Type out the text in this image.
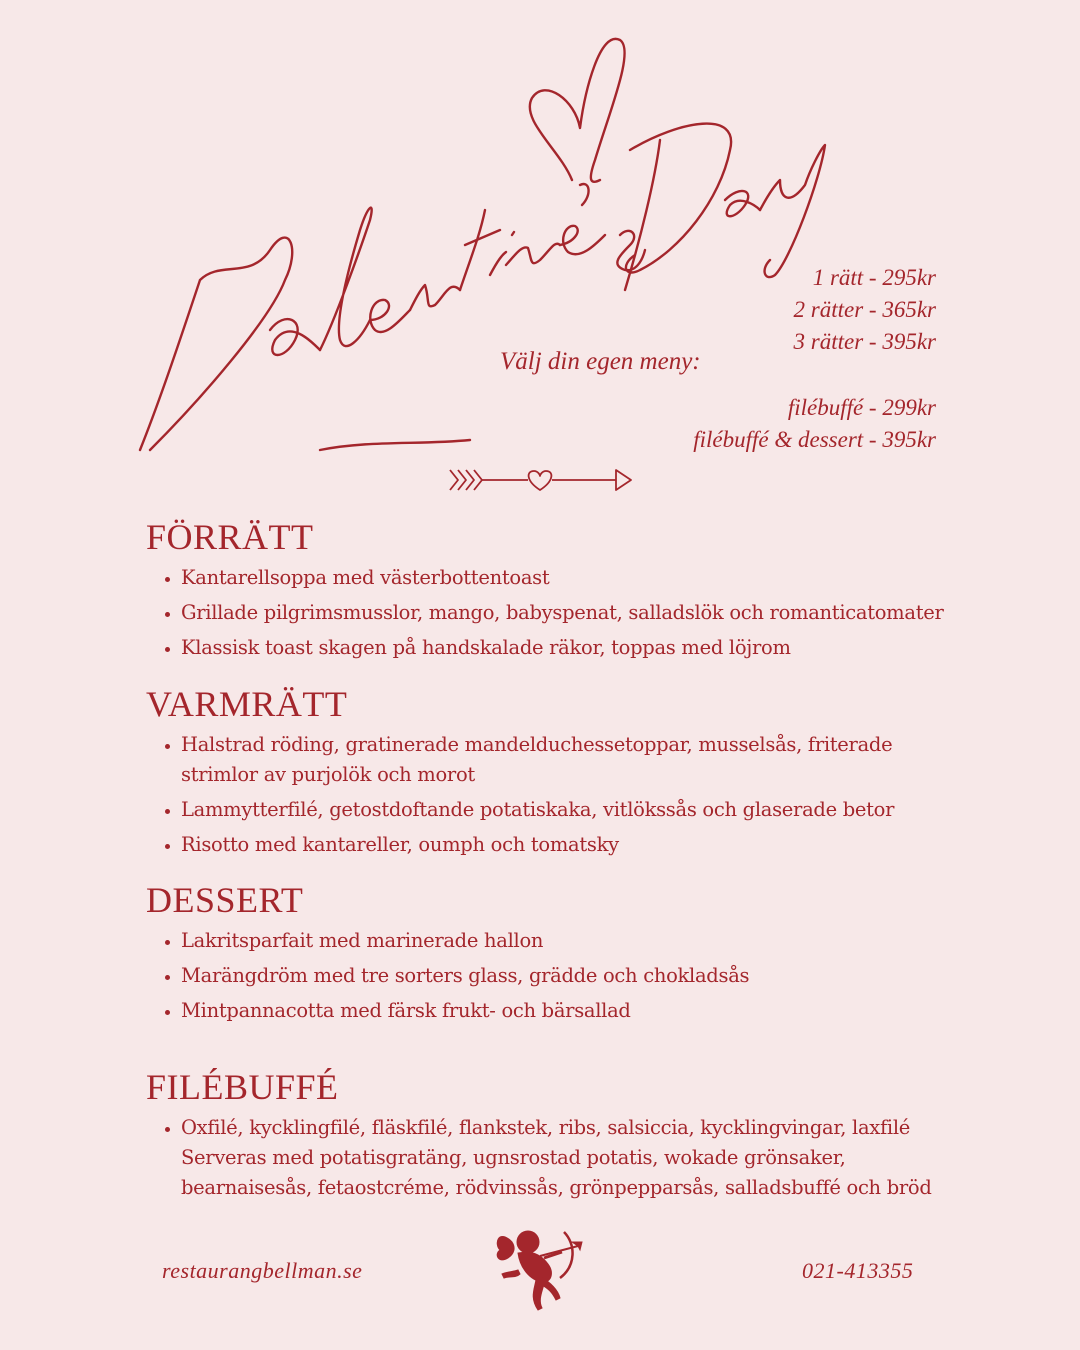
1 rätt - 295kr
2 rätter - 365kr
3 rätter - 395kr
Välj din egen meny:
filébuffé - 299kr
filébuffé & dessert - 395kr
FÖRRÄTT
• Kantarellsoppa med västerbottentoast
• Grillade pilgrimsmusslor, mango, babyspenat, salladslök och romanticatomater
• Klassisk toast skagen på handskalade räkor, toppas med löjrom
VARMRÄTT
• Halstrad röding, gratinerade mandelduchessetoppar, musselsås, friterade strimlor av purjolök och morot
• Lammytterfilé, getostdoftande potatiskaka, vitlökssås och glaserade betor
• Risotto med kantareller, oumph och tomatsky
DESSERT
• Lakritsparfait med marinerade hallon
• Marängdröm med tre sorters glass, grädde och chokladsås
• Mintpannacotta med färsk frukt- och bärsallad
FILÉBUFFÉ
• Oxfilé, kycklingfilé, fläskfilé, flankstek, ribs, salsiccia, kycklingvingar, laxfilé Serveras med potatisgratäng, ugnsrostad potatis, wokade grönsaker, bearnaisesås, fetaostcréme, rödvinssås, grönpepparsås, salladsbuffé och bröd
restaurangbellman.se	021-413355
